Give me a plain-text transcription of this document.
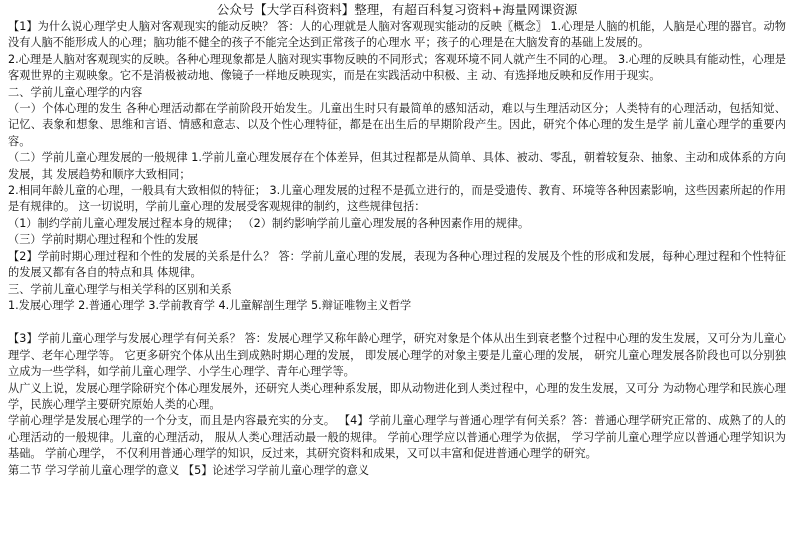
公众号【大学百科资料】整理，有超百科复习资料+海量网课资源

【1】为什么说心理学史人脑对客观现实的能动反映？ 答：人的心理就是人脑对客观现实能动的反映〖概念〗 1.心理是人脑的机能，人脑是心理的器官。动物没有人脑不能形成人的心理；脑功能不健全的孩子不能完全达到正常孩子的心理水 平；孩子的心理是在大脑发育的基础上发展的。

2.心理是人脑对客观现实的反映。各种心理现象都是人脑对现实事物反映的不同形式；客观环境不同人就产生不同的心理。 3.心理的反映具有能动性，心理是客观世界的主观映象。它不是消极被动地、像镜子一样地反映现实，而是在实践活动中积极、主 动、有选择地反映和反作用于现实。

二、学前儿童心理学的内容

（一）个体心理的发生 各种心理活动都在学前阶段开始发生。儿童出生时只有最简单的感知活动，难以与生理活动区分；人类特有的心理活动，包括知觉、 记忆、表象和想象、思维和言语、情感和意志、以及个性心理特征，都是在出生后的早期阶段产生。因此，研究个体心理的发生是学 前儿童心理学的重要内容。

（二）学前儿童心理发展的一般规律 1.学前儿童心理发展存在个体差异，但其过程都是从简单、具体、被动、零乱，朝着较复杂、抽象、主动和成体系的方向发展，其 发展趋势和顺序大致相同；

2.相同年龄儿童的心理，一般具有大致相似的特征； 3.儿童心理发展的过程不是孤立进行的，而是受遗传、教育、环境等各种因素影响，这些因素所起的作用是有规律的。 这一切说明，学前儿童心理的发展受客观规律的制约，这些规律包括：

（1）制约学前儿童心理发展过程本身的规律； （2）制约影响学前儿童心理发展的各种因素作用的规律。

（三）学前时期心理过程和个性的发展

【2】学前时期心理过程和个性的发展的关系是什么？ 答：学前儿童心理的发展，表现为各种心理过程的发展及个性的形成和发展，每种心理过程和个性特征的发展又都有各自的特点和具 体规律。

三、学前儿童心理学与相关学科的区别和关系

1.发展心理学 2.普通心理学 3.学前教育学 4.儿童解剖生理学 5.辩证唯物主义哲学

【3】学前儿童心理学与发展心理学有何关系？ 答：发展心理学又称年龄心理学，研究对象是个体从出生到衰老整个过程中心理的发生发展，又可分为儿童心理学、老年心理学等。 它更多研究个体从出生到成熟时期心理的发展， 即发展心理学的对象主要是儿童心理的发展， 研究儿童心理发展各阶段也可以分别独 立成为一些学科，如学前儿童心理学、小学生心理学、青年心理学等。

从广义上说，发展心理学除研究个体心理发展外，还研究人类心理种系发展，即从动物进化到人类过程中，心理的发生发展，又可分 为动物心理学和民族心理学，民族心理学主要研究原始人类的心理。

学前心理学是发展心理学的一个分支，而且是内容最充实的分支。 【4】学前儿童心理学与普通心理学有何关系？答：普通心理学研究正常的、成熟了的人的心理活动的一般规律。儿童的心理活动， 服从人类心理活动最一般的规律。 学前心理学应以普通心理学为依据， 学习学前儿童心理学应以普通心理学知识为基础。 学前心理学， 不仅利用普通心理学的知识，反过来，其研究资料和成果，又可以丰富和促进普通心理学的研究。

第二节 学习学前儿童心理学的意义 【5】论述学习学前儿童心理学的意义
